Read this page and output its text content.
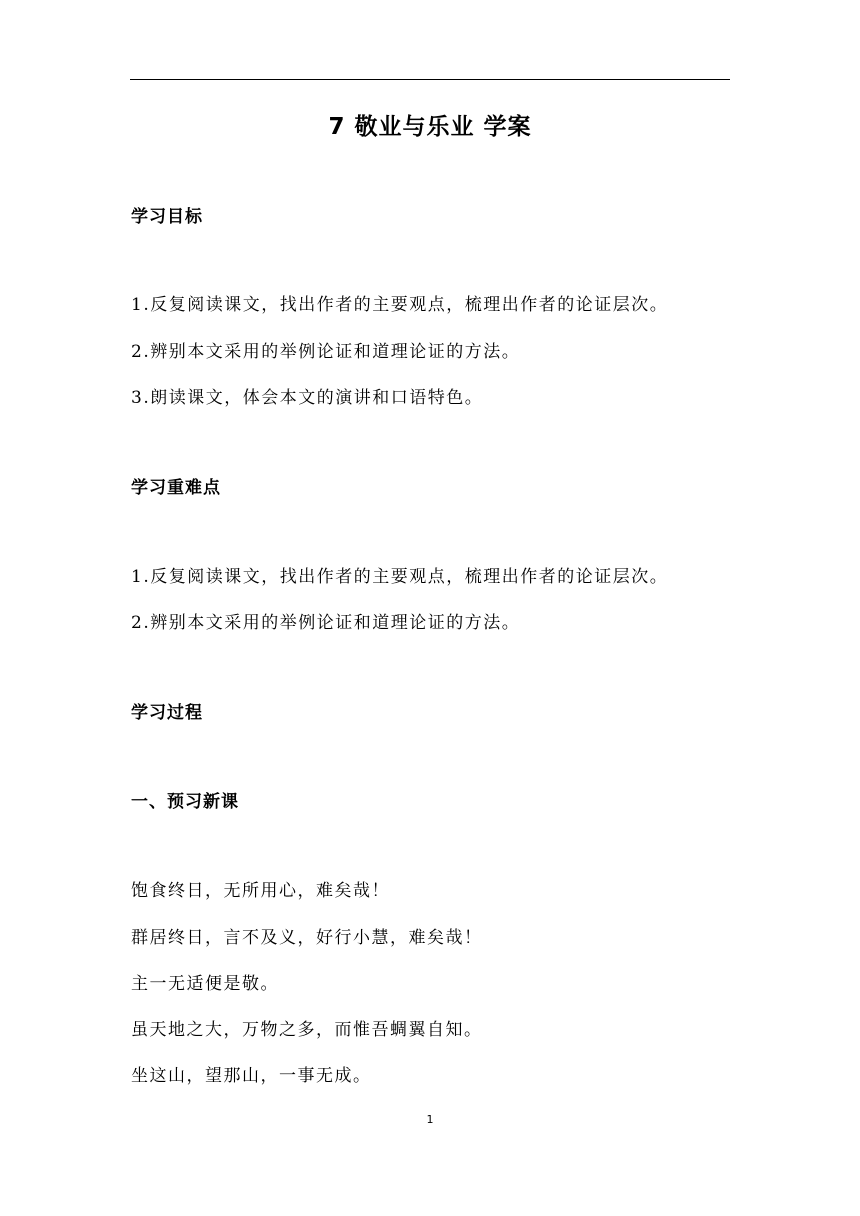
7 敬业与乐业 学案
学习目标
1.反复阅读课文，找出作者的主要观点，梳理出作者的论证层次。
2.辨别本文采用的举例论证和道理论证的方法。
3.朗读课文，体会本文的演讲和口语特色。
学习重难点
1.反复阅读课文，找出作者的主要观点，梳理出作者的论证层次。
2.辨别本文采用的举例论证和道理论证的方法。
学习过程
一、预习新课
饱食终日，无所用心，难矣哉！
群居终日，言不及义，好行小慧，难矣哉！
主一无适便是敬。
虽天地之大，万物之多，而惟吾蜩翼自知。
坐这山，望那山，一事无成。
1
